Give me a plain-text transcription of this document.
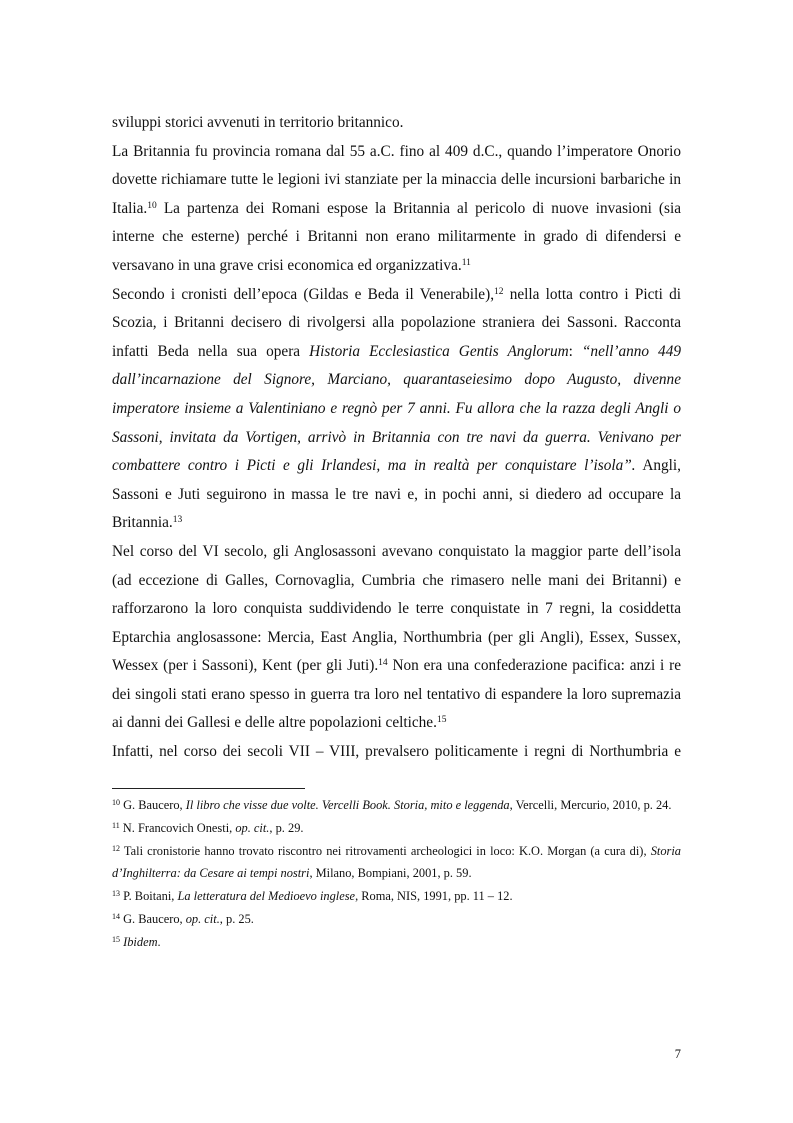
sviluppi storici avvenuti in territorio britannico.

La Britannia fu provincia romana dal 55 a.C. fino al 409 d.C., quando l’imperatore Onorio dovette richiamare tutte le legioni ivi stanziate per la minaccia delle incursioni barbariche in Italia.$^{10}$ La partenza dei Romani espose la Britannia al pericolo di nuove invasioni (sia interne che esterne) perché i Britanni non erano militarmente in grado di difendersi e versavano in una grave crisi economica ed organizzativa.$^{11}$

Secondo i cronisti dell’epoca (Gildas e Beda il Venerabile),$^{12}$ nella lotta contro i Picti di Scozia, i Britanni decisero di rivolgersi alla popolazione straniera dei Sassoni. Racconta infatti Beda nella sua opera Historia Ecclesiastica Gentis Anglorum: “nell’anno 449 dall’incarnazione del Signore, Marciano, quarantaseiesimo dopo Augusto, divenne imperatore insieme a Valentiniano e regnò per 7 anni. Fu allora che la razza degli Angli o Sassoni, invitata da Vortigen, arrivò in Britannia con tre navi da guerra. Venivano per combattere contro i Picti e gli Irlandesi, ma in realtà per conquistare l’isola”. Angli, Sassoni e Juti seguirono in massa le tre navi e, in pochi anni, si diedero ad occupare la Britannia.$^{13}$

Nel corso del VI secolo, gli Anglosassoni avevano conquistato la maggior parte dell’isola (ad eccezione di Galles, Cornovaglia, Cumbria che rimasero nelle mani dei Britanni) e rafforzarono la loro conquista suddividendo le terre conquistate in 7 regni, la cosiddetta Eptarchia anglosassone: Mercia, East Anglia, Northumbria (per gli Angli), Essex, Sussex, Wessex (per i Sassoni), Kent (per gli Juti).$^{14}$ Non era una confederazione pacifica: anzi i re dei singoli stati erano spesso in guerra tra loro nel tentativo di espandere la loro supremazia ai danni dei Gallesi e delle altre popolazioni celtiche.$^{15}$

Infatti, nel corso dei secoli VII – VIII, prevalsero politicamente i regni di Northumbria e

$^{10}$ G. Baucero, Il libro che visse due volte. Vercelli Book. Storia, mito e leggenda, Vercelli, Mercurio, 2010, p. 24.

$^{11}$ N. Francovich Onesti, op. cit., p. 29.

$^{12}$ Tali cronistorie hanno trovato riscontro nei ritrovamenti archeologici in loco: K.O. Morgan (a cura di), Storia d’Inghilterra: da Cesare ai tempi nostri, Milano, Bompiani, 2001, p. 59.

$^{13}$ P. Boitani, La letteratura del Medioevo inglese, Roma, NIS, 1991, pp. 11 – 12.

$^{14}$ G. Baucero, op. cit., p. 25.

$^{15}$ Ibidem.

7
